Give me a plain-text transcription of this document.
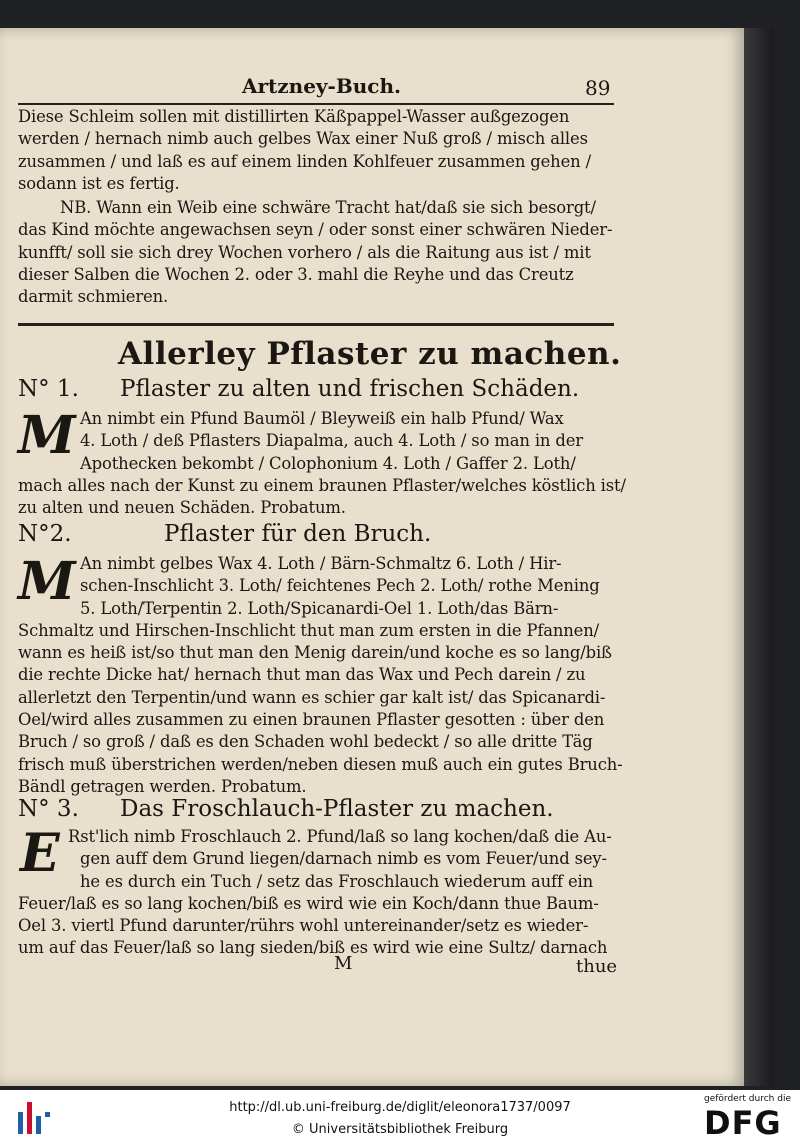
Artzney-Buch.	89

Diese Schleim sollen mit distillirten Käßpappel-Wasser außgezogen

werden / hernach nimb auch gelbes Wax einer Nuß groß / misch alles

zusammen / und laß es auf einem linden Kohlfeuer zusammen gehen /

sodann ist es fertig.

NB. Wann ein Weib eine schwäre Tracht hat/daß sie sich besorgt/

das Kind möchte angewachsen seyn / oder sonst einer schwären Nieder-

kunfft/ soll sie sich drey Wochen vorhero / als die Raitung aus ist / mit

dieser Salben die Wochen 2. oder 3. mahl die Reyhe und das Creutz

darmit schmieren.

Allerley Pflaster zu machen.
N° 1. Pflaster zu alten und frischen Schäden.
M An nimbt ein Pfund Baumöl / Bleyweiß ein halb Pfund/ Wax

4. Loth / deß Pflasters Diapalma, auch 4. Loth / so man in der

Apothecken bekombt / Colophonium 4. Loth / Gaffer 2. Loth/

mach alles nach der Kunst zu einem braunen Pflaster/welches köstlich ist/

zu alten und neuen Schäden. Probatum.

N°2.	Pflaster für den Bruch.
M An nimbt gelbes Wax 4. Loth / Bärn-Schmaltz 6. Loth / Hir-

schen-Inschlicht 3. Loth/ feichtenes Pech 2. Loth/ rothe Mening

5. Loth/Terpentin 2. Loth/Spicanardi-Oel 1. Loth/das Bärn-

Schmaltz und Hirschen-Inschlicht thut man zum ersten in die Pfannen/

wann es heiß ist/so thut man den Menig darein/und koche es so lang/biß

die rechte Dicke hat/ hernach thut man das Wax und Pech darein / zu

allerletzt den Terpentin/und wann es schier gar kalt ist/ das Spicanardi-

Oel/wird alles zusammen zu einen braunen Pflaster gesotten : über den

Bruch / so groß / daß es den Schaden wohl bedeckt / so alle dritte Täg

frisch muß überstrichen werden/neben diesen muß auch ein gutes Bruch-

Bändl getragen werden. Probatum.

N° 3. Das Froschlauch-Pflaster zu machen.
E Rst'lich nimb Froschlauch 2. Pfund/laß so lang kochen/daß die Au-

gen auff dem Grund liegen/darnach nimb es vom Feuer/und sey-

he es durch ein Tuch / setz das Froschlauch wiederum auff ein

Feuer/laß es so lang kochen/biß es wird wie ein Koch/dann thue Baum-

Oel 3. viertl Pfund darunter/rührs wohl untereinander/setz es wieder-

um auf das Feuer/laß so lang sieden/biß es wird wie eine Sultz/ darnach

M	thue
http://dl.ub.uni-freiburg.de/diglit/eleonora1737/0097
© Universitätsbibliothek Freiburg
gefördert durch die
DFG
